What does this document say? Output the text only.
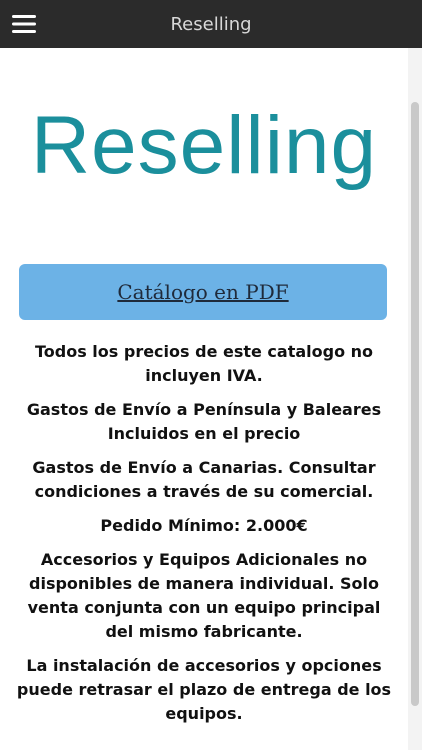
Reselling
Reselling
Catálogo en PDF

Todos los precios de este catalogo no incluyen IVA.

Gastos de Envío a Península y Baleares Incluidos en el precio

Gastos de Envío a Canarias. Consultar condiciones a través de su comercial.

Pedido Mínimo: 2.000€

Accesorios y Equipos Adicionales no disponibles de manera individual. Solo venta conjunta con un equipo principal del mismo fabricante.

La instalación de accesorios y opciones puede retrasar el plazo de entrega de los equipos.
